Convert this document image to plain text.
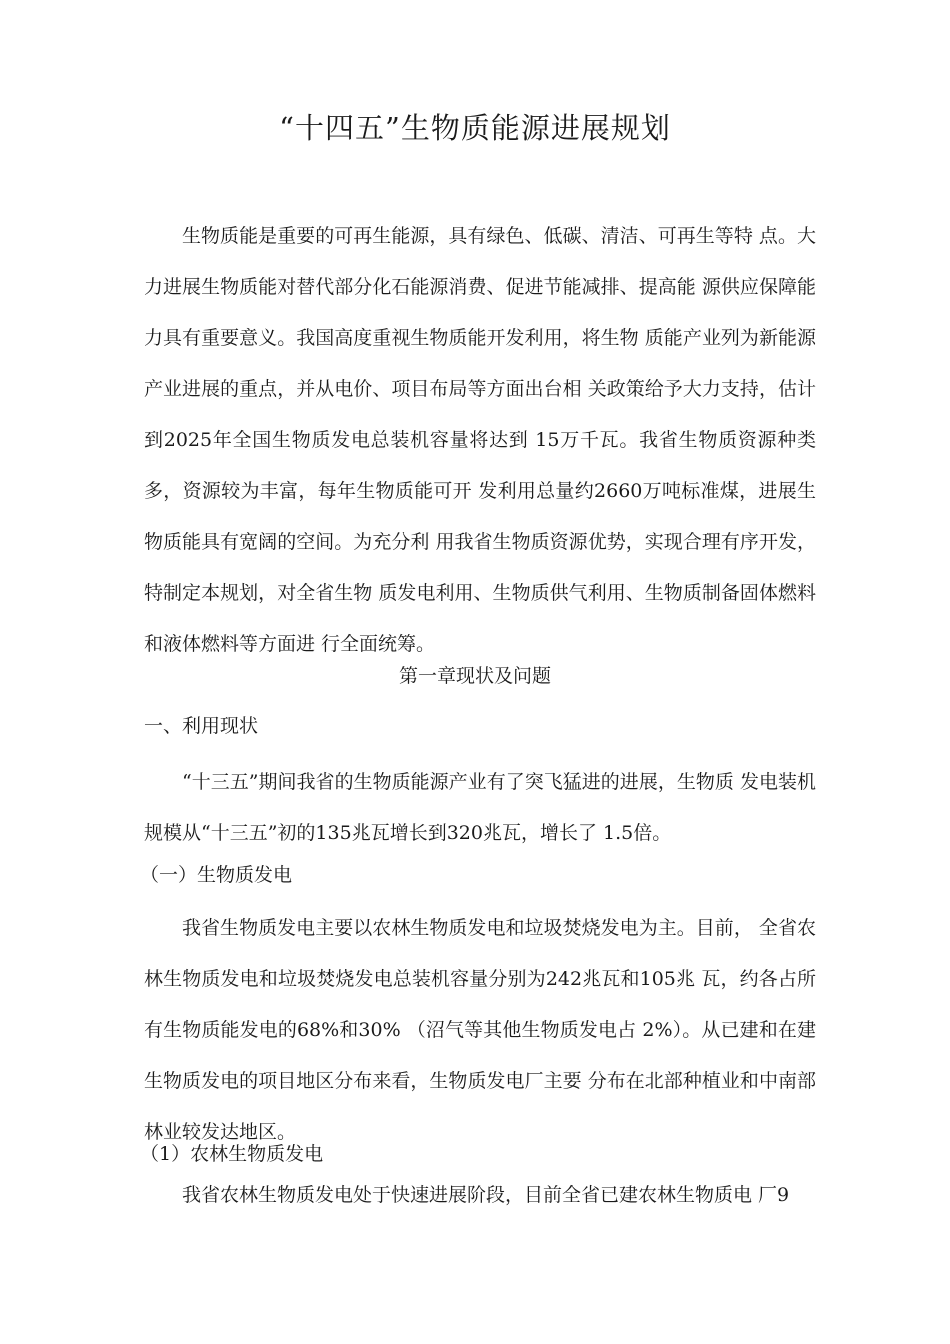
“十四五”生物质能源进展规划

生物质能是重要的可再生能源，具有绿色、低碳、清洁、可再生等特 点。大力进展生物质能对替代部分化石能源消费、促进节能减排、提高能 源供应保障能力具有重要意义。我国高度重视生物质能开发利用，将生物 质能产业列为新能源产业进展的重点，并从电价、项目布局等方面出台相 关政策给予大力支持，估计到2025年全国生物质发电总装机容量将达到 15万千瓦。我省生物质资源种类多，资源较为丰富，每年生物质能可开 发利用总量约2660万吨标准煤，进展生物质能具有宽阔的空间。为充分利 用我省生物质资源优势，实现合理有序开发，特制定本规划，对全省生物 质发电利用、生物质供气利用、生物质制备固体燃料和液体燃料等方面进 行全面统筹。

第一章现状及问题
一、利用现状

“十三五”期间我省的生物质能源产业有了突飞猛进的进展，生物质 发电装机规模从“十三五”初的135兆瓦增长到320兆瓦，增长了 1.5倍。

（一）生物质发电

我省生物质发电主要以农林生物质发电和垃圾焚烧发电为主。目前， 全省农林生物质发电和垃圾焚烧发电总装机容量分别为242兆瓦和105兆 瓦，约各占所有生物质能发电的68%和30% （沼气等其他生物质发电占 2%）。从已建和在建生物质发电的项目地区分布来看，生物质发电厂主要 分布在北部种植业和中南部林业较发达地区。

（1）农林生物质发电

我省农林生物质发电处于快速进展阶段，目前全省已建农林生物质电 厂9
